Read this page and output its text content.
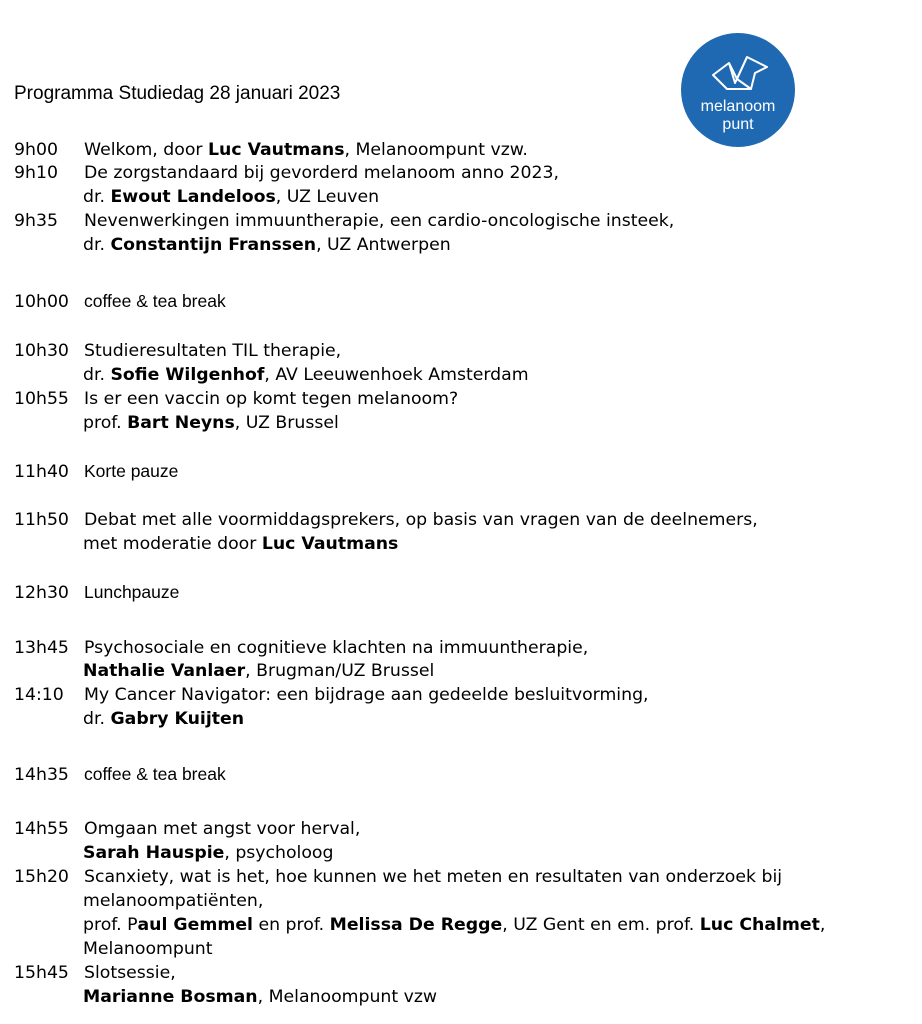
Programma Studiedag 28 januari 2023
melanoom
punt
9h00 Welkom, door Luc Vautmans, Melanoompunt vzw.
9h10 De zorgstandaard bij gevorderd melanoom anno 2023,
dr. Ewout Landeloos, UZ Leuven
9h35 Nevenwerkingen immuuntherapie, een cardio-oncologische insteek,
dr. Constantijn Franssen, UZ Antwerpen
10h00 coffee & tea break
10h30 Studieresultaten TIL therapie,
dr. Sofie Wilgenhof, AV Leeuwenhoek Amsterdam
10h55 Is er een vaccin op komt tegen melanoom?
prof. Bart Neyns, UZ Brussel
11h40 Korte pauze
11h50 Debat met alle voormiddagsprekers, op basis van vragen van de deelnemers,
met moderatie door Luc Vautmans
12h30 Lunchpauze
13h45 Psychosociale en cognitieve klachten na immuuntherapie,
Nathalie Vanlaer, Brugman/UZ Brussel
14:10 My Cancer Navigator: een bijdrage aan gedeelde besluitvorming,
dr. Gabry Kuijten
14h35 coffee & tea break
14h55 Omgaan met angst voor herval,
Sarah Hauspie, psycholoog
15h20 Scanxiety, wat is het, hoe kunnen we het meten en resultaten van onderzoek bij
melanoompatiënten,
prof. Paul Gemmel en prof. Melissa De Regge, UZ Gent en em. prof. Luc Chalmet,
Melanoompunt
15h45 Slotsessie,
Marianne Bosman, Melanoompunt vzw
